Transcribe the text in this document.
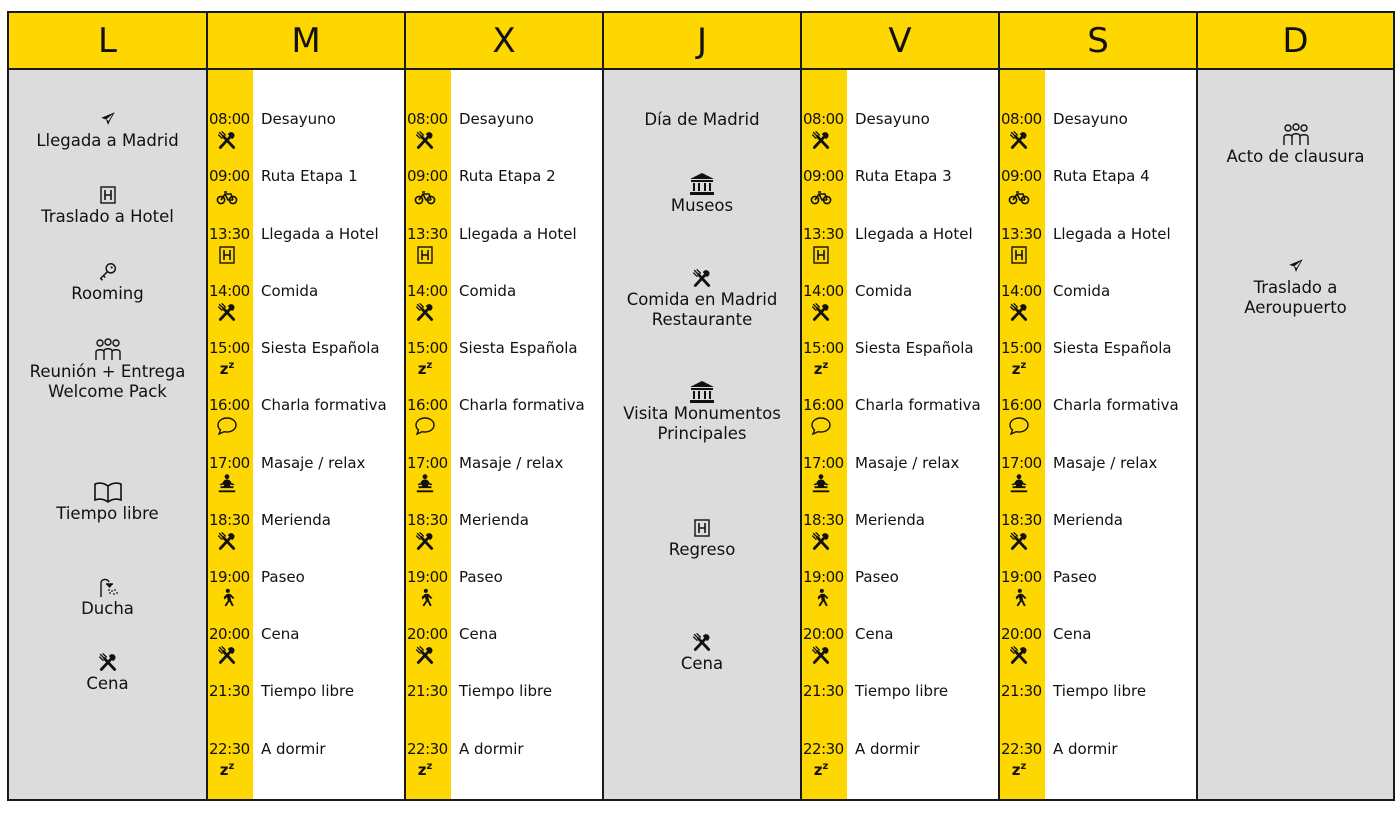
L
Llegada a Madrid
Traslado a Hotel
Rooming
Reunión + Entrega
Welcome Pack
Tiempo libre
Ducha
Cena
M
08:00 Desayuno
09:00 Ruta Etapa 1
13:30 Llegada a Hotel
14:00 Comida
15:00
$z^z$
Siesta Española
16:00 Charla formativa
17:00 Masaje / relax
18:30 Merienda
19:00 Paseo
20:00 Cena
21:30 Tiempo libre
22:30
$z^z$
A dormir
X
08:00 Desayuno
09:00 Ruta Etapa 2
13:30 Llegada a Hotel
14:00 Comida
15:00
$z^z$
Siesta Española
16:00 Charla formativa
17:00 Masaje / relax
18:30 Merienda
19:00 Paseo
20:00 Cena
21:30 Tiempo libre
22:30
$z^z$
A dormir
J
Día de Madrid
Museos
Comida en Madrid
Restaurante
Visita Monumentos
Principales
Regreso
Cena
V
08:00 Desayuno
09:00 Ruta Etapa 3
13:30 Llegada a Hotel
14:00 Comida
15:00
$z^z$
Siesta Española
16:00 Charla formativa
17:00 Masaje / relax
18:30 Merienda
19:00 Paseo
20:00 Cena
21:30 Tiempo libre
22:30
$z^z$
A dormir
S
08:00 Desayuno
09:00 Ruta Etapa 4
13:30 Llegada a Hotel
14:00 Comida
15:00
$z^z$
Siesta Española
16:00 Charla formativa
17:00 Masaje / relax
18:30 Merienda
19:00 Paseo
20:00 Cena
21:30 Tiempo libre
22:30
$z^z$
A dormir
D
Acto de clausura
Traslado a
Aeroupuerto
